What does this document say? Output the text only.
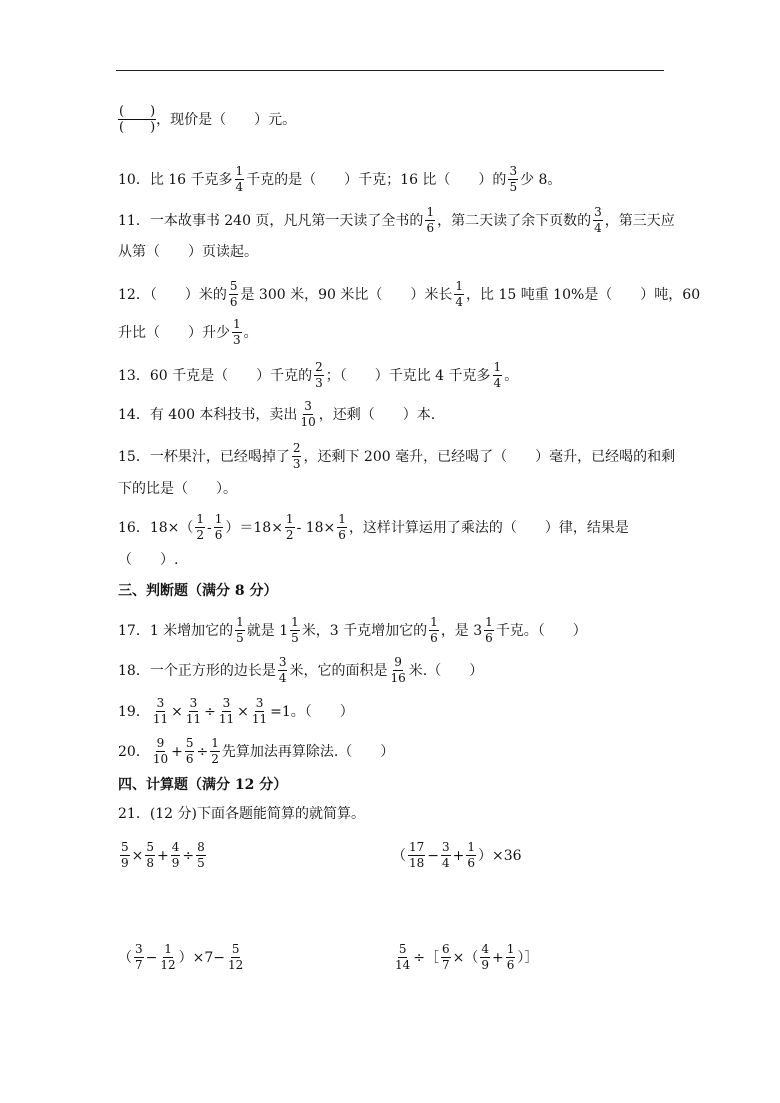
$\frac{( )}{( )}$ ，现价是（　　）元。
10．比 16 千克多 $\frac{1}{4}$ 千克的是（　　）千克；16 比（　　）的 $\frac{3}{5}$ 少 8。
11．一本故事书 240 页，凡凡第一天读了全书的 $\frac{1}{6}$ ，第二天读了余下页数的 $\frac{3}{4}$ ，第三天应
从第（　　）页读起。
12．（　　）米的 $\frac{5}{6}$ 是 300 米，90 米比（　　）米长 $\frac{1}{4}$ ，比 15 吨重 10%是（　　）吨，60
升比（　　）升少 $\frac{1}{3}$ 。
13．60 千克是（　　）千克的 $\frac{2}{3}$ ；（　　）千克比 4 千克多 $\frac{1}{4}$ 。
14．有 400 本科技书，卖出 $\frac{3}{10}$ ，还剩（　　）本.
15．一杯果汁，已经喝掉了 $\frac{2}{3}$ ，还剩下 200 毫升，已经喝了（　　）毫升，已经喝的和剩
下的比是（　　）。
16．$18\times( \frac{1}{2} - \frac{1}{6} )=18\times \frac{1}{2} - 18\times \frac{1}{6}$ ，这样计算运用了乘法的（　　）律，结果是
（　　）.
三、判断题（满分 8 分）
17．1 米增加它的 $\frac{1}{5}$ 就是 $1 \frac{1}{5}$ 米，3 千克增加它的 $\frac{1}{6}$ ，是 $3 \frac{1}{6}$ 千克。（　　）
18．一个正方形的边长是 $\frac{3}{4}$ 米，它的面积是 $\frac{9}{16}$ 米.（　　）
19． $\frac{3}{11} \times \frac{3}{11} \div \frac{3}{11} \times \frac{3}{11} =1$。（　　）
20． $\frac{9}{10} + \frac{5}{6} \div \frac{1}{2}$ 先算加法再算除法.（　　）
四、计算题（满分 12 分）
21．(12 分)下面各题能简算的就简算。
$\frac{5}{9} \times \frac{5}{8} + \frac{4}{9} \div \frac{8}{5}$	（ $\frac{17}{18} - \frac{3}{4} + \frac{1}{6} )\times 36$
（ $\frac{3}{7} - \frac{1}{12} )\times 7- \frac{5}{12}$	$\frac{5}{14}$ ÷［ $\frac{6}{7}$ ×（ $\frac{4}{9} + \frac{1}{6}$ ）］
